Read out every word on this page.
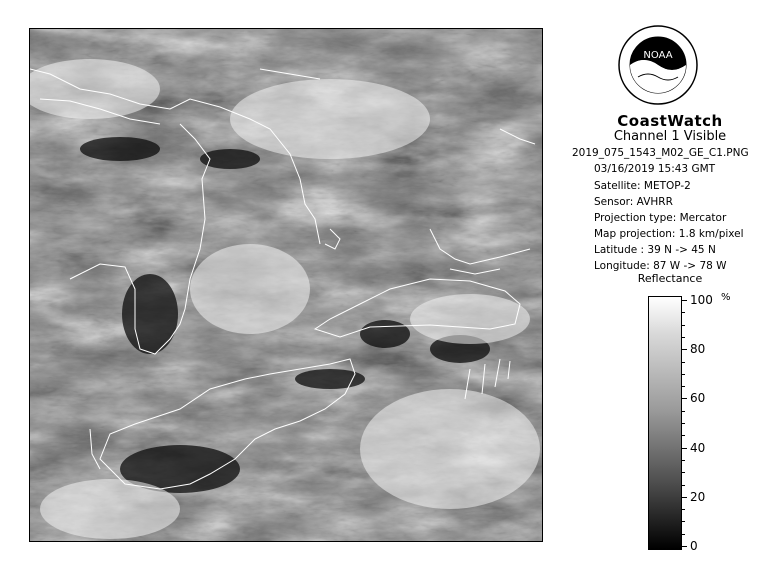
NOAA
CoastWatch
Channel 1 Visible
2019_075_1543_M02_GE_C1.PNG
03/16/2019 15:43 GMT
Satellite: METOP-2
Sensor: AVHRR
Projection type: Mercator
Map projection: 1.8 km/pixel
Latitude : 39 N -> 45 N
Longitude: 87 W -> 78 W
Reflectance
%
100
80
60
40
20
0
